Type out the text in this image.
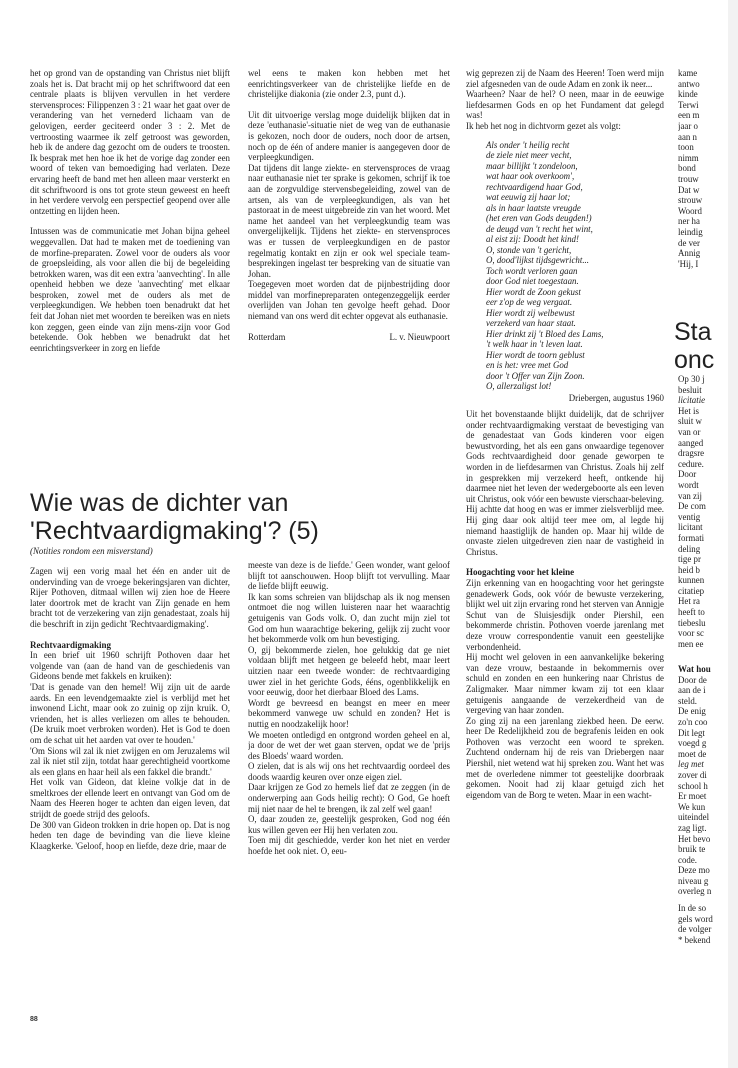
het op grond van de opstanding van Christus niet blijft zoals het is. Dat bracht mij op het schriftwoord dat een centrale plaats is blijven vervullen in het verdere stervensproces: Filippenzen 3 : 21 waar het gaat over de verandering van het vernederd lichaam van de gelovigen, eerder geciteerd onder 3 : 2. Met de vertroosting waarmee ik zelf getroost was geworden, heb ik de andere dag gezocht om de ouders te troosten. Ik besprak met hen hoe ik het de vorige dag zonder een woord of teken van bemoediging had verlaten. Deze ervaring heeft de band met hen alleen maar versterkt en dit schriftwoord is ons tot grote steun geweest en heeft in het verdere vervolg een perspectief geopend over alle ontzetting en lijden heen.

Intussen was de communicatie met Johan bijna geheel weggevallen. Dat had te maken met de toediening van de morfine-preparaten. Zowel voor de ouders als voor de groepsleiding, als voor allen die bij de begeleiding betrokken waren, was dit een extra 'aanvechting'. In alle openheid hebben we deze 'aanvechting' met elkaar besproken, zowel met de ouders als met de verpleegkundigen. We hebben toen benadrukt dat het feit dat Johan niet met woorden te bereiken was en niets kon zeggen, geen einde van zijn mens-zijn voor God betekende. Ook hebben we benadrukt dat het eenrichtingsverkeer in zorg en liefde

wel eens te maken kon hebben met het eenrichtingsverkeer van de christelijke liefde en de christelijke diakonia (zie onder 2.3, punt d.).

Uit dit uitvoerige verslag moge duidelijk blijken dat in deze 'euthanasie'-situatie niet de weg van de euthanasie is gekozen, noch door de ouders, noch door de artsen, noch op de één of andere manier is aangegeven door de verpleegkundigen.

Dat tijdens dit lange ziekte- en stervensproces de vraag naar euthanasie niet ter sprake is gekomen, schrijf ik toe aan de zorgvuldige stervensbegeleiding, zowel van de artsen, als van de verpleegkundigen, als van het pastoraat in de meest uitgebreide zin van het woord. Met name het aandeel van het verpleegkundig team was onvergelijkelijk. Tijdens het ziekte- en stervensproces was er tussen de verpleegkundigen en de pastor regelmatig kontakt en zijn er ook wel speciale team-besprekingen ingelast ter bespreking van de situatie van Johan.

Toegegeven moet worden dat de pijnbestrijding door middel van morfinepreparaten ontegenzeggelijk eerder overlijden van Johan ten gevolge heeft gehad. Door niemand van ons werd dit echter opgevat als euthanasie.

Rotterdam	L. v. Nieuwpoort
Wie was de dichter van 'Rechtvaardigmaking'? (5)
(Notities rondom een misverstand)

Zagen wij een vorig maal het één en ander uit de ondervinding van de vroege bekeringsjaren van dichter, Rijer Pothoven, ditmaal willen wij zien hoe de Heere later doortrok met de kracht van Zijn genade en hem bracht tot de verzekering van zijn genadestaat, zoals hij die beschrift in zijn gedicht 'Rechtvaardigmaking'.

Rechtvaardigmaking

In een brief uit 1960 schrijft Pothoven daar het volgende van (aan de hand van de geschiedenis van Gideons bende met fakkels en kruiken):

'Dat is genade van den hemel! Wij zijn uit de aarde aards. En een levendgemaakte ziel is verblijd met het inwonend Licht, maar ook zo zuinig op zijn kruik. O, vrienden, het is alles verliezen om alles te behouden. (De kruik moet verbroken worden). Het is God te doen om de schat uit het aarden vat over te houden.'

'Om Sions wil zal ik niet zwijgen en om Jeruzalems wil zal ik niet stil zijn, totdat haar gerechtigheid voortkome als een glans en haar heil als een fakkel die brandt.'

Het volk van Gideon, dat kleine volkje dat in de smeltkroes der ellende leert en ontvangt van God om de Naam des Heeren hoger te achten dan eigen leven, dat strijdt de goede strijd des geloofs.

De 300 van Gideon trokken in drie hopen op. Dat is nog heden ten dage de bevinding van die lieve kleine Klaagkerke. 'Geloof, hoop en liefde, deze drie, maar de

meeste van deze is de liefde.' Geen wonder, want geloof blijft tot aanschouwen. Hoop blijft tot vervulling. Maar de liefde blijft eeuwig.

Ik kan soms schreien van blijdschap als ik nog mensen ontmoet die nog willen luisteren naar het waarachtig getuigenis van Gods volk. O, dan zucht mijn ziel tot God om hun waarachtige bekering, gelijk zij zucht voor het bekommerde volk om hun bevestiging.

O, gij bekommerde zielen, hoe gelukkig dat ge niet voldaan blijft met hetgeen ge beleefd hebt, maar leert uitzien naar een tweede wonder: de rechtvaardiging uwer ziel in het gerichte Gods, ééns, ogenblikkelijk en voor eeuwig, door het dierbaar Bloed des Lams.

Wordt ge bevreesd en beangst en meer en meer bekommerd vanwege uw schuld en zonden? Het is nuttig en noodzakelijk hoor!

We moeten ontledigd en ontgrond worden geheel en al, ja door de wet der wet gaan sterven, opdat we de 'prijs des Bloeds' waard worden.

O zielen, dat is als wij ons het rechtvaardig oordeel des doods waardig keuren over onze eigen ziel.

Daar krijgen ze God zo hemels lief dat ze zeggen (in de onderwerping aan Gods heilig recht): O God, Ge hoeft mij niet naar de hel te brengen, ik zal zelf wel gaan!

O, daar zouden ze, geestelijk gesproken, God nog één kus willen geven eer Hij hen verlaten zou.

Toen mij dit geschiedde, verder kon het niet en verder hoefde het ook niet. O, eeu-

wig geprezen zij de Naam des Heeren! Toen werd mijn ziel afgesneden van de oude Adam en zonk ik neer...

Waarheen? Naar de hel? O neen, maar in de eeuwige liefdesarmen Gods en op het Fundament dat gelegd was!

Ik heb het nog in dichtvorm gezet als volgt:

Als onder 't heilig recht
de ziele niet meer vecht,
maar billijkt 't zondeloon,
wat haar ook overkoom',
rechtvaardigend haar God,
wat eeuwig zij haar lot;
als in haar laatste vreugde
(het eren van Gods deugden!)
de deugd van 't recht het wint,
al eist zij: Doodt het kind!
O, stonde van 't gericht,
O, dood'lijkst tijdsgewricht...
Toch wordt verloren gaan
door God niet toegestaan.
Hier wordt de Zoon gekust
eer z'op de weg vergaat.
Hier wordt zij welbewust
verzekerd van haar staat.
Hier drinkt zij 't Bloed des Lams,
't welk haar in 't leven laat.
Hier wordt de toorn geblust
en is het: vree met God
door 't Offer van Zijn Zoon.
O, allerzaligst lot!
Driebergen, augustus 1960

Uit het bovenstaande blijkt duidelijk, dat de schrijver onder rechtvaardigmaking verstaat de bevestiging van de genadestaat van Gods kinderen voor eigen bewustvording, het als een gans onwaardige tegenover Gods rechtvaardigheid door genade geworpen te worden in de liefdesarmen van Christus. Zoals hij zelf in gesprekken mij verzekerd heeft, ontkende hij daarmee niet het leven der wedergeboorte als een leven uit Christus, ook vóór een bewuste vierschaar-beleving. Hij achtte dat hoog en was er immer zielsverblijd mee. Hij ging daar ook altijd teer mee om, al legde hij niemand haastiglijk de handen op. Maar hij wilde de onvaste zielen uitgedreven zien naar de vastigheid in Christus.

Hoogachting voor het kleine

Zijn erkenning van en hoogachting voor het geringste genadewerk Gods, ook vóór de bewuste verzekering, blijkt wel uit zijn ervaring rond het sterven van Annigje Schut van de Sluisjesdijk onder Piershil, een bekommerde christin. Pothoven voerde jarenlang met deze vrouw correspondentie vanuit een geestelijke verbondenheid.

Hij mocht wel geloven in een aanvankelijke bekering van deze vrouw, bestaande in bekommernis over schuld en zonden en een hunkering naar Christus de Zaligmaker. Maar nimmer kwam zij tot een klaar getuigenis aangaande de verzekerdheid van de vergeving van haar zonden.

Zo ging zij na een jarenlang ziekbed heen. De eerw. heer De Redelijkheid zou de begrafenis leiden en ook Pothoven was verzocht een woord te spreken. Zuchtend ondernam hij de reis van Driebergen naar Piershil, niet wetend wat hij spreken zou. Want het was met de overledene nimmer tot geestelijke doorbraak gekomen. Nooit had zij klaar getuigd zich het eigendom van de Borg te weten. Maar in een wacht-

kame
antwo
kinde
Terwi
een m
jaar o
aan n
toon
nimm
bond
trouw
Dat w
strouw
Woord
ner ha
leindig
de ver
Annig
'Hij, I
Sta
onc
Op 30 j
besluit
licitatie
Het is
sluit w
van or
aanged
dragsre
cedure.
Door
wordt
van zij
De com
ventig
licitant
formati
deling
tige pr
heid b
kunnen
citatiep
Het ra
heeft to
tiebeslu
voor sc
men ee
Wat hou
Door de
aan de i
steld.
De enig
zo'n coo
Dit legt
voegd g
moet de
leg met
zover di
school h
Er moet
We kun
uiteindel
zag ligt.
Het bevo
bruik te
code.
Deze mo
niveau g
overleg n
In de so
gels word
de volger
* bekend
88
